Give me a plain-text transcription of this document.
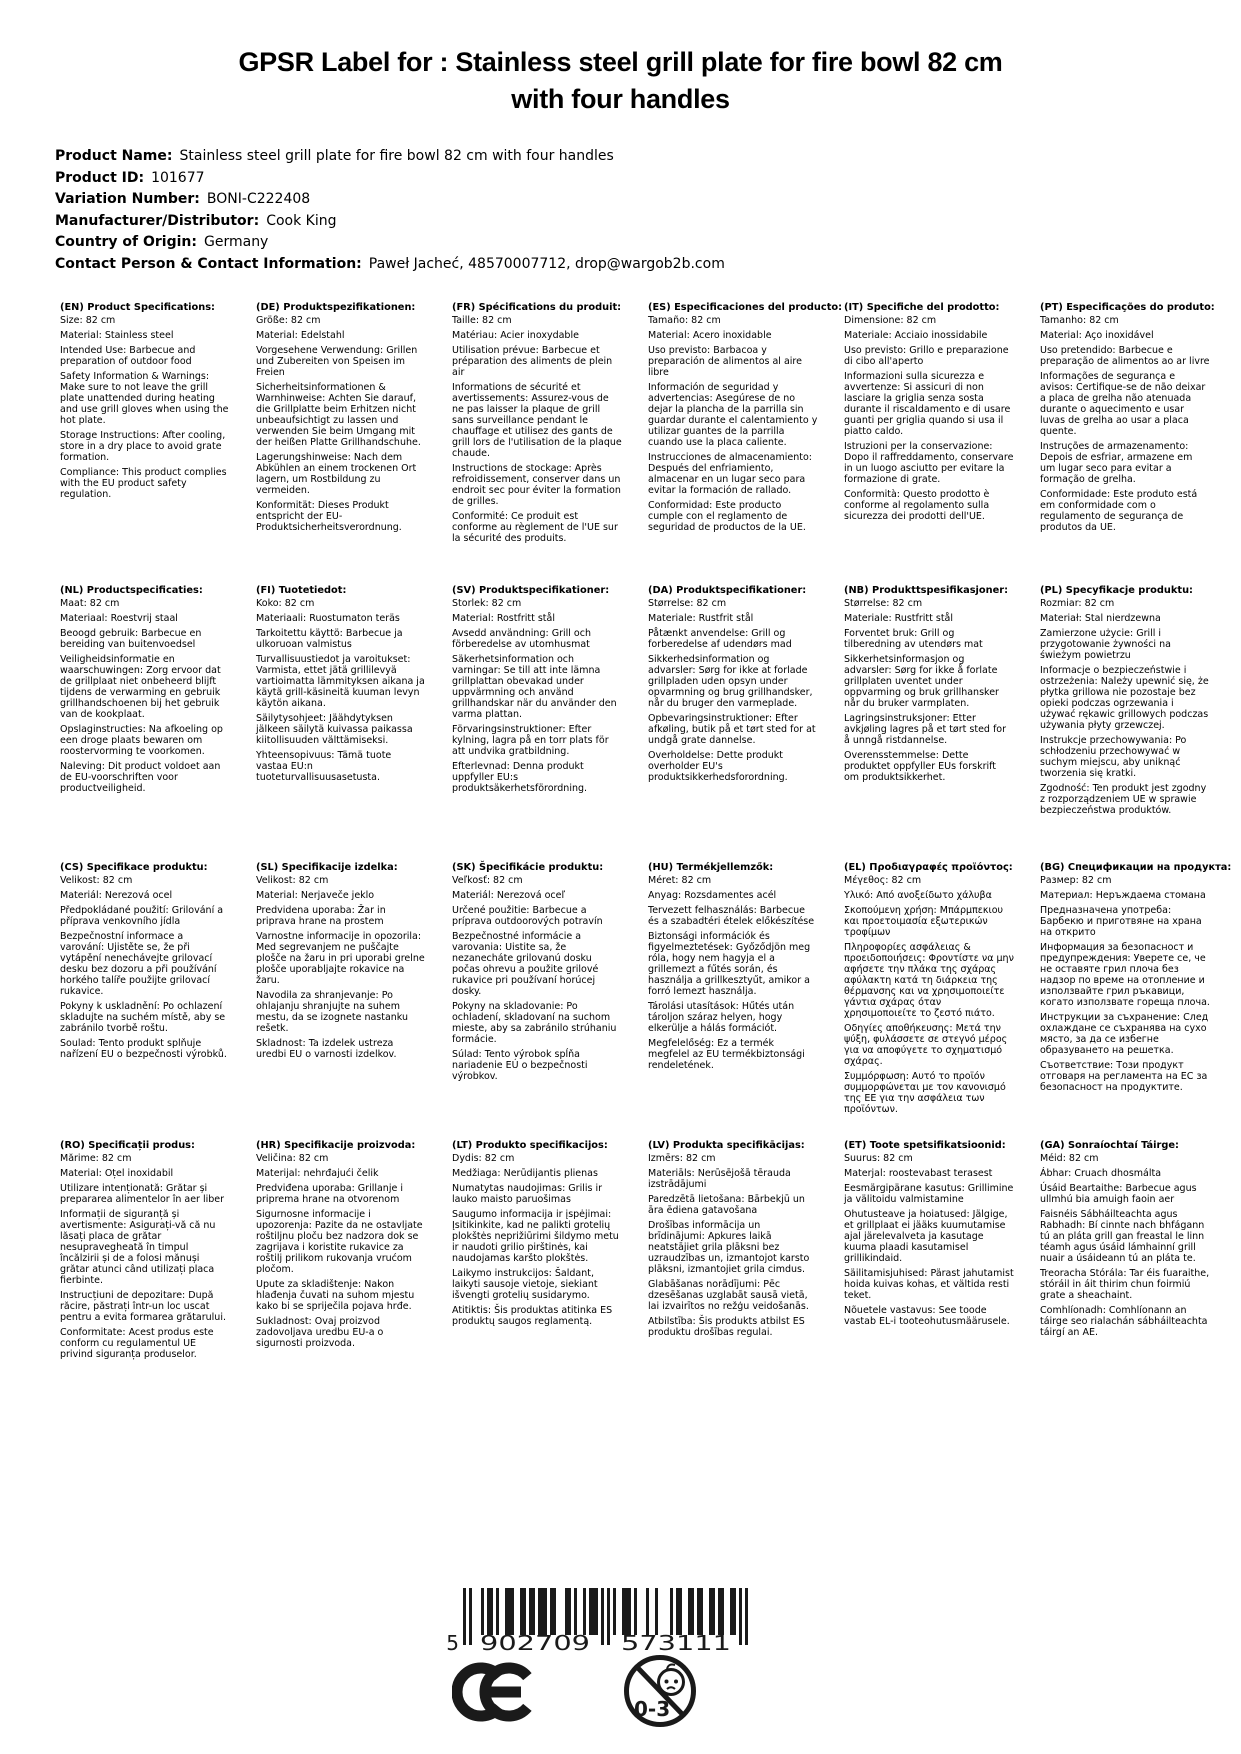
GPSR Label for : Stainless steel grill plate for fire bowl 82 cm
with four handles
Product Name: Stainless steel grill plate for fire bowl 82 cm with four handles
Product ID: 101677
Variation Number: BONI-C222408
Manufacturer/Distributor: Cook King
Country of Origin: Germany
Contact Person & Contact Information: Paweł Jacheć, 48570007712, drop@wargob2b.com
(EN) Product Specifications:

Size: 82 cm

Material: Stainless steel

Intended Use: Barbecue and preparation of outdoor food

Safety Information & Warnings: Make sure to not leave the grill plate unattended during heating and use grill gloves when using the hot plate.

Storage Instructions: After cooling, store in a dry place to avoid grate formation.

Compliance: This product complies with the EU product safety regulation.

(DE) Produktspezifikationen:

Größe: 82 cm

Material: Edelstahl

Vorgesehene Verwendung: Grillen und Zubereiten von Speisen im Freien

Sicherheitsinformationen & Warnhinweise: Achten Sie darauf, die Grillplatte beim Erhitzen nicht unbeaufsichtigt zu lassen und verwenden Sie beim Umgang mit der heißen Platte Grillhandschuhe.

Lagerungshinweise: Nach dem Abkühlen an einem trockenen Ort lagern, um Rostbildung zu vermeiden.

Konformität: Dieses Produkt entspricht der EU-Produktsicherheitsverordnung.

(FR) Spécifications du produit:

Taille: 82 cm

Matériau: Acier inoxydable

Utilisation prévue: Barbecue et préparation des aliments de plein air

Informations de sécurité et avertissements: Assurez-vous de ne pas laisser la plaque de grill sans surveillance pendant le chauffage et utilisez des gants de grill lors de l'utilisation de la plaque chaude.

Instructions de stockage: Après refroidissement, conserver dans un endroit sec pour éviter la formation de grilles.

Conformité: Ce produit est conforme au règlement de l'UE sur la sécurité des produits.

(ES) Especificaciones del producto:

Tamaño: 82 cm

Material: Acero inoxidable

Uso previsto: Barbacoa y preparación de alimentos al aire libre

Información de seguridad y advertencias: Asegúrese de no dejar la plancha de la parrilla sin guardar durante el calentamiento y utilizar guantes de la parrilla cuando use la placa caliente.

Instrucciones de almacenamiento: Después del enfriamiento, almacenar en un lugar seco para evitar la formación de rallado.

Conformidad: Este producto cumple con el reglamento de seguridad de productos de la UE.

(IT) Specifiche del prodotto:

Dimensione: 82 cm

Materiale: Acciaio inossidabile

Uso previsto: Grillo e preparazione di cibo all'aperto

Informazioni sulla sicurezza e avvertenze: Si assicuri di non lasciare la griglia senza sosta durante il riscaldamento e di usare guanti per griglia quando si usa il piatto caldo.

Istruzioni per la conservazione: Dopo il raffreddamento, conservare in un luogo asciutto per evitare la formazione di grate.

Conformità: Questo prodotto è conforme al regolamento sulla sicurezza dei prodotti dell'UE.

(PT) Especificações do produto:

Tamanho: 82 cm

Material: Aço inoxidável

Uso pretendido: Barbecue e preparação de alimentos ao ar livre

Informações de segurança e avisos: Certifique-se de não deixar a placa de grelha não atenuada durante o aquecimento e usar luvas de grelha ao usar a placa quente.

Instruções de armazenamento: Depois de esfriar, armazene em um lugar seco para evitar a formação de grelha.

Conformidade: Este produto está em conformidade com o regulamento de segurança de produtos da UE.

(NL) Productspecificaties:

Maat: 82 cm

Materiaal: Roestvrij staal

Beoogd gebruik: Barbecue en bereiding van buitenvoedsel

Veiligheidsinformatie en waarschuwingen: Zorg ervoor dat de grillplaat niet onbeheerd blijft tijdens de verwarming en gebruik grillhandschoenen bij het gebruik van de kookplaat.

Opslaginstructies: Na afkoeling op een droge plaats bewaren om roostervorming te voorkomen.

Naleving: Dit product voldoet aan de EU-voorschriften voor productveiligheid.

(FI) Tuotetiedot:

Koko: 82 cm

Materiaali: Ruostumaton teräs

Tarkoitettu käyttö: Barbecue ja ulkoruoan valmistus

Turvallisuustiedot ja varoitukset: Varmista, ettet jätä grillilevyä vartioimatta lämmityksen aikana ja käytä grill-käsineitä kuuman levyn käytön aikana.

Säilytysohjeet: Jäähdytyksen jälkeen säilytä kuivassa paikassa kiitollisuuden välttämiseksi.

Yhteensopivuus: Tämä tuote vastaa EU:n tuoteturvallisuusasetusta.

(SV) Produktspecifikationer:

Storlek: 82 cm

Material: Rostfritt stål

Avsedd användning: Grill och förberedelse av utomhusmat

Säkerhetsinformation och varningar: Se till att inte lämna grillplattan obevakad under uppvärmning och använd grillhandskar när du använder den varma plattan.

Förvaringsinstruktioner: Efter kylning, lagra på en torr plats för att undvika gratbildning.

Efterlevnad: Denna produkt uppfyller EU:s produktsäkerhetsförordning.

(DA) Produktspecifikationer:

Størrelse: 82 cm

Materiale: Rustfrit stål

Påtænkt anvendelse: Grill og forberedelse af udendørs mad

Sikkerhedsinformation og advarsler: Sørg for ikke at forlade grillpladen uden opsyn under opvarmning og brug grillhandsker, når du bruger den varmeplade.

Opbevaringsinstruktioner: Efter afkøling, butik på et tørt sted for at undgå grate dannelse.

Overholdelse: Dette produkt overholder EU's produktsikkerhedsforordning.

(NB) Produkttspesifikasjoner:

Størrelse: 82 cm

Materiale: Rustfritt stål

Forventet bruk: Grill og tilberedning av utendørs mat

Sikkerhetsinformasjon og advarsler: Sørg for ikke å forlate grillplaten uventet under oppvarming og bruk grillhansker når du bruker varmplaten.

Lagringsinstruksjoner: Etter avkjøling lagres på et tørt sted for å unngå ristdannelse.

Overensstemmelse: Dette produktet oppfyller EUs forskrift om produktsikkerhet.

(PL) Specyfikacje produktu:

Rozmiar: 82 cm

Materiał: Stal nierdzewna

Zamierzone użycie: Grill i przygotowanie żywności na świeżym powietrzu

Informacje o bezpieczeństwie i ostrzeżenia: Należy upewnić się, że płytka grillowa nie pozostaje bez opieki podczas ogrzewania i używać rękawic grillowych podczas używania płyty grzewczej.

Instrukcje przechowywania: Po schłodzeniu przechowywać w suchym miejscu, aby uniknąć tworzenia się kratki.

Zgodność: Ten produkt jest zgodny z rozporządzeniem UE w sprawie bezpieczeństwa produktów.

(CS) Specifikace produktu:

Velikost: 82 cm

Materiál: Nerezová ocel

Předpokládané použití: Grilování a příprava venkovního jídla

Bezpečnostní informace a varování: Ujistěte se, že při vytápění nenechávejte grilovací desku bez dozoru a při používání horkého talíře použijte grilovací rukavice.

Pokyny k uskladnění: Po ochlazení skladujte na suchém místě, aby se zabránilo tvorbě roštu.

Soulad: Tento produkt splňuje nařízení EU o bezpečnosti výrobků.

(SL) Specifikacije izdelka:

Velikost: 82 cm

Material: Nerjaveče jeklo

Predvidena uporaba: Žar in priprava hrane na prostem

Varnostne informacije in opozorila: Med segrevanjem ne puščajte plošče na žaru in pri uporabi grelne plošče uporabljajte rokavice na žaru.

Navodila za shranjevanje: Po ohlajanju shranjujte na suhem mestu, da se izognete nastanku rešetk.

Skladnost: Ta izdelek ustreza uredbi EU o varnosti izdelkov.

(SK) Špecifikácie produktu:

Veľkosť: 82 cm

Materiál: Nerezová oceľ

Určené použitie: Barbecue a príprava outdoorových potravín

Bezpečnostné informácie a varovania: Uistite sa, že nezanecháte grilovanú dosku počas ohrevu a použite grilové rukavice pri používaní horúcej dosky.

Pokyny na skladovanie: Po ochladení, skladovaní na suchom mieste, aby sa zabránilo strúhaniu formácie.

Súlad: Tento výrobok spĺňa nariadenie EÚ o bezpečnosti výrobkov.

(HU) Termékjellemzők:

Méret: 82 cm

Anyag: Rozsdamentes acél

Tervezett felhasználás: Barbecue és a szabadtéri ételek előkészítése

Biztonsági információk és figyelmeztetések: Győződjön meg róla, hogy nem hagyja el a grillemezt a fűtés során, és használja a grillkesztyűt, amikor a forró lemezt használja.

Tárolási utasítások: Hűtés után tároljon száraz helyen, hogy elkerülje a hálás formációt.

Megfelelőség: Ez a termék megfelel az EU termékbiztonsági rendeletének.

(EL) Προδιαγραφές προϊόντος:

Μέγεθος: 82 cm

Υλικό: Από ανοξείδωτο χάλυβα

Σκοπούμενη χρήση: Μπάρμπεκιου και προετοιμασία εξωτερικών τροφίμων

Πληροφορίες ασφάλειας & προειδοποιήσεις: Φροντίστε να μην αφήσετε την πλάκα της σχάρας αφύλακτη κατά τη διάρκεια της θέρμανσης και να χρησιμοποιείτε γάντια σχάρας όταν χρησιμοποιείτε το ζεστό πιάτο.

Οδηγίες αποθήκευσης: Μετά την ψύξη, φυλάσσετε σε στεγνό μέρος για να αποφύγετε το σχηματισμό σχάρας.

Συμμόρφωση: Αυτό το προϊόν συμμορφώνεται με τον κανονισμό της ΕΕ για την ασφάλεια των προϊόντων.

(BG) Спецификации на продукта:

Размер: 82 cm

Материал: Неръждаема стомана

Предназначена употреба: Барбекю и приготвяне на храна на открито

Информация за безопасност и предупреждения: Уверете се, че не оставяте грил плоча без надзор по време на отопление и използвайте грил ръкавици, когато използвате гореща плоча.

Инструкции за съхранение: След охлаждане се съхранява на сухо място, за да се избегне образуването на решетка.

Съответствие: Този продукт отговаря на регламента на ЕС за безопасност на продуктите.

(RO) Specificații produs:

Mărime: 82 cm

Material: Oțel inoxidabil

Utilizare intenționată: Grătar și prepararea alimentelor în aer liber

Informații de siguranță și avertismente: Asigurați-vă că nu lăsați placa de grătar nesupravegheată în timpul încălzirii și de a folosi mănuși grătar atunci când utilizați placa fierbinte.

Instrucțiuni de depozitare: După răcire, păstrați într-un loc uscat pentru a evita formarea grătarului.

Conformitate: Acest produs este conform cu regulamentul UE privind siguranța produselor.

(HR) Specifikacije proizvoda:

Veličina: 82 cm

Materijal: nehrđajući čelik

Predviđena uporaba: Grillanje i priprema hrane na otvorenom

Sigurnosne informacije i upozorenja: Pazite da ne ostavljate roštiljnu ploču bez nadzora dok se zagrijava i koristite rukavice za roštilj prilikom rukovanja vrućom pločom.

Upute za skladištenje: Nakon hlađenja čuvati na suhom mjestu kako bi se spriječila pojava hrđe.

Sukladnost: Ovaj proizvod zadovoljava uredbu EU-a o sigurnosti proizvoda.

(LT) Produkto specifikacijos:

Dydis: 82 cm

Medžiaga: Nerūdijantis plienas

Numatytas naudojimas: Grilis ir lauko maisto paruošimas

Saugumo informacija ir įspėjimai: Įsitikinkite, kad ne palikti grotelių plokštės neprižiūrimi šildymo metu ir naudoti grilio pirštinės, kai naudojamas karšto plokštės.

Laikymo instrukcijos: Šaldant, laikyti sausoje vietoje, siekiant išvengti grotelių susidarymo.

Atitiktis: Šis produktas atitinka ES produktų saugos reglamentą.

(LV) Produkta specifikācijas:

Izmērs: 82 cm

Materiāls: Nerūsējošā tērauda izstrādājumi

Paredzētā lietošana: Bārbekjū un āra ēdiena gatavošana

Drošības informācija un brīdinājumi: Apkures laikā neatstājiet grila plāksni bez uzraudzības un, izmantojot karsto plāksni, izmantojiet grila cimdus.

Glabāšanas norādījumi: Pēc dzesēšanas uzglabāt sausā vietā, lai izvairītos no režģu veidošanās.

Atbilstība: Šis produkts atbilst ES produktu drošības regulai.

(ET) Toote spetsifikatsioonid:

Suurus: 82 cm

Materjal: roostevabast terasest

Eesmärgipärane kasutus: Grillimine ja välitoidu valmistamine

Ohutusteave ja hoiatused: Jälgige, et grillplaat ei jääks kuumutamise ajal järelevalveta ja kasutage kuuma plaadi kasutamisel grillikindaid.

Säilitamisjuhised: Pärast jahutamist hoida kuivas kohas, et vältida resti teket.

Nõuetele vastavus: See toode vastab EL-i tooteohutusmäärusele.

(GA) Sonraíochtaí Táirge:

Méid: 82 cm

Ábhar: Cruach dhosmálta

Úsáid Beartaithe: Barbecue agus ullmhú bia amuigh faoin aer

Faisnéis Sábháilteachta agus Rabhadh: Bí cinnte nach bhfágann tú an pláta grill gan freastal le linn téamh agus úsáid lámhainní grill nuair a úsáideann tú an pláta te.

Treoracha Stórála: Tar éis fuaraithe, stóráil in áit thirim chun foirmiú grate a sheachaint.

Comhlíonadh: Comhlíonann an táirge seo rialachán sábháilteachta táirgí an AE.

5 902709 573111
0-3
